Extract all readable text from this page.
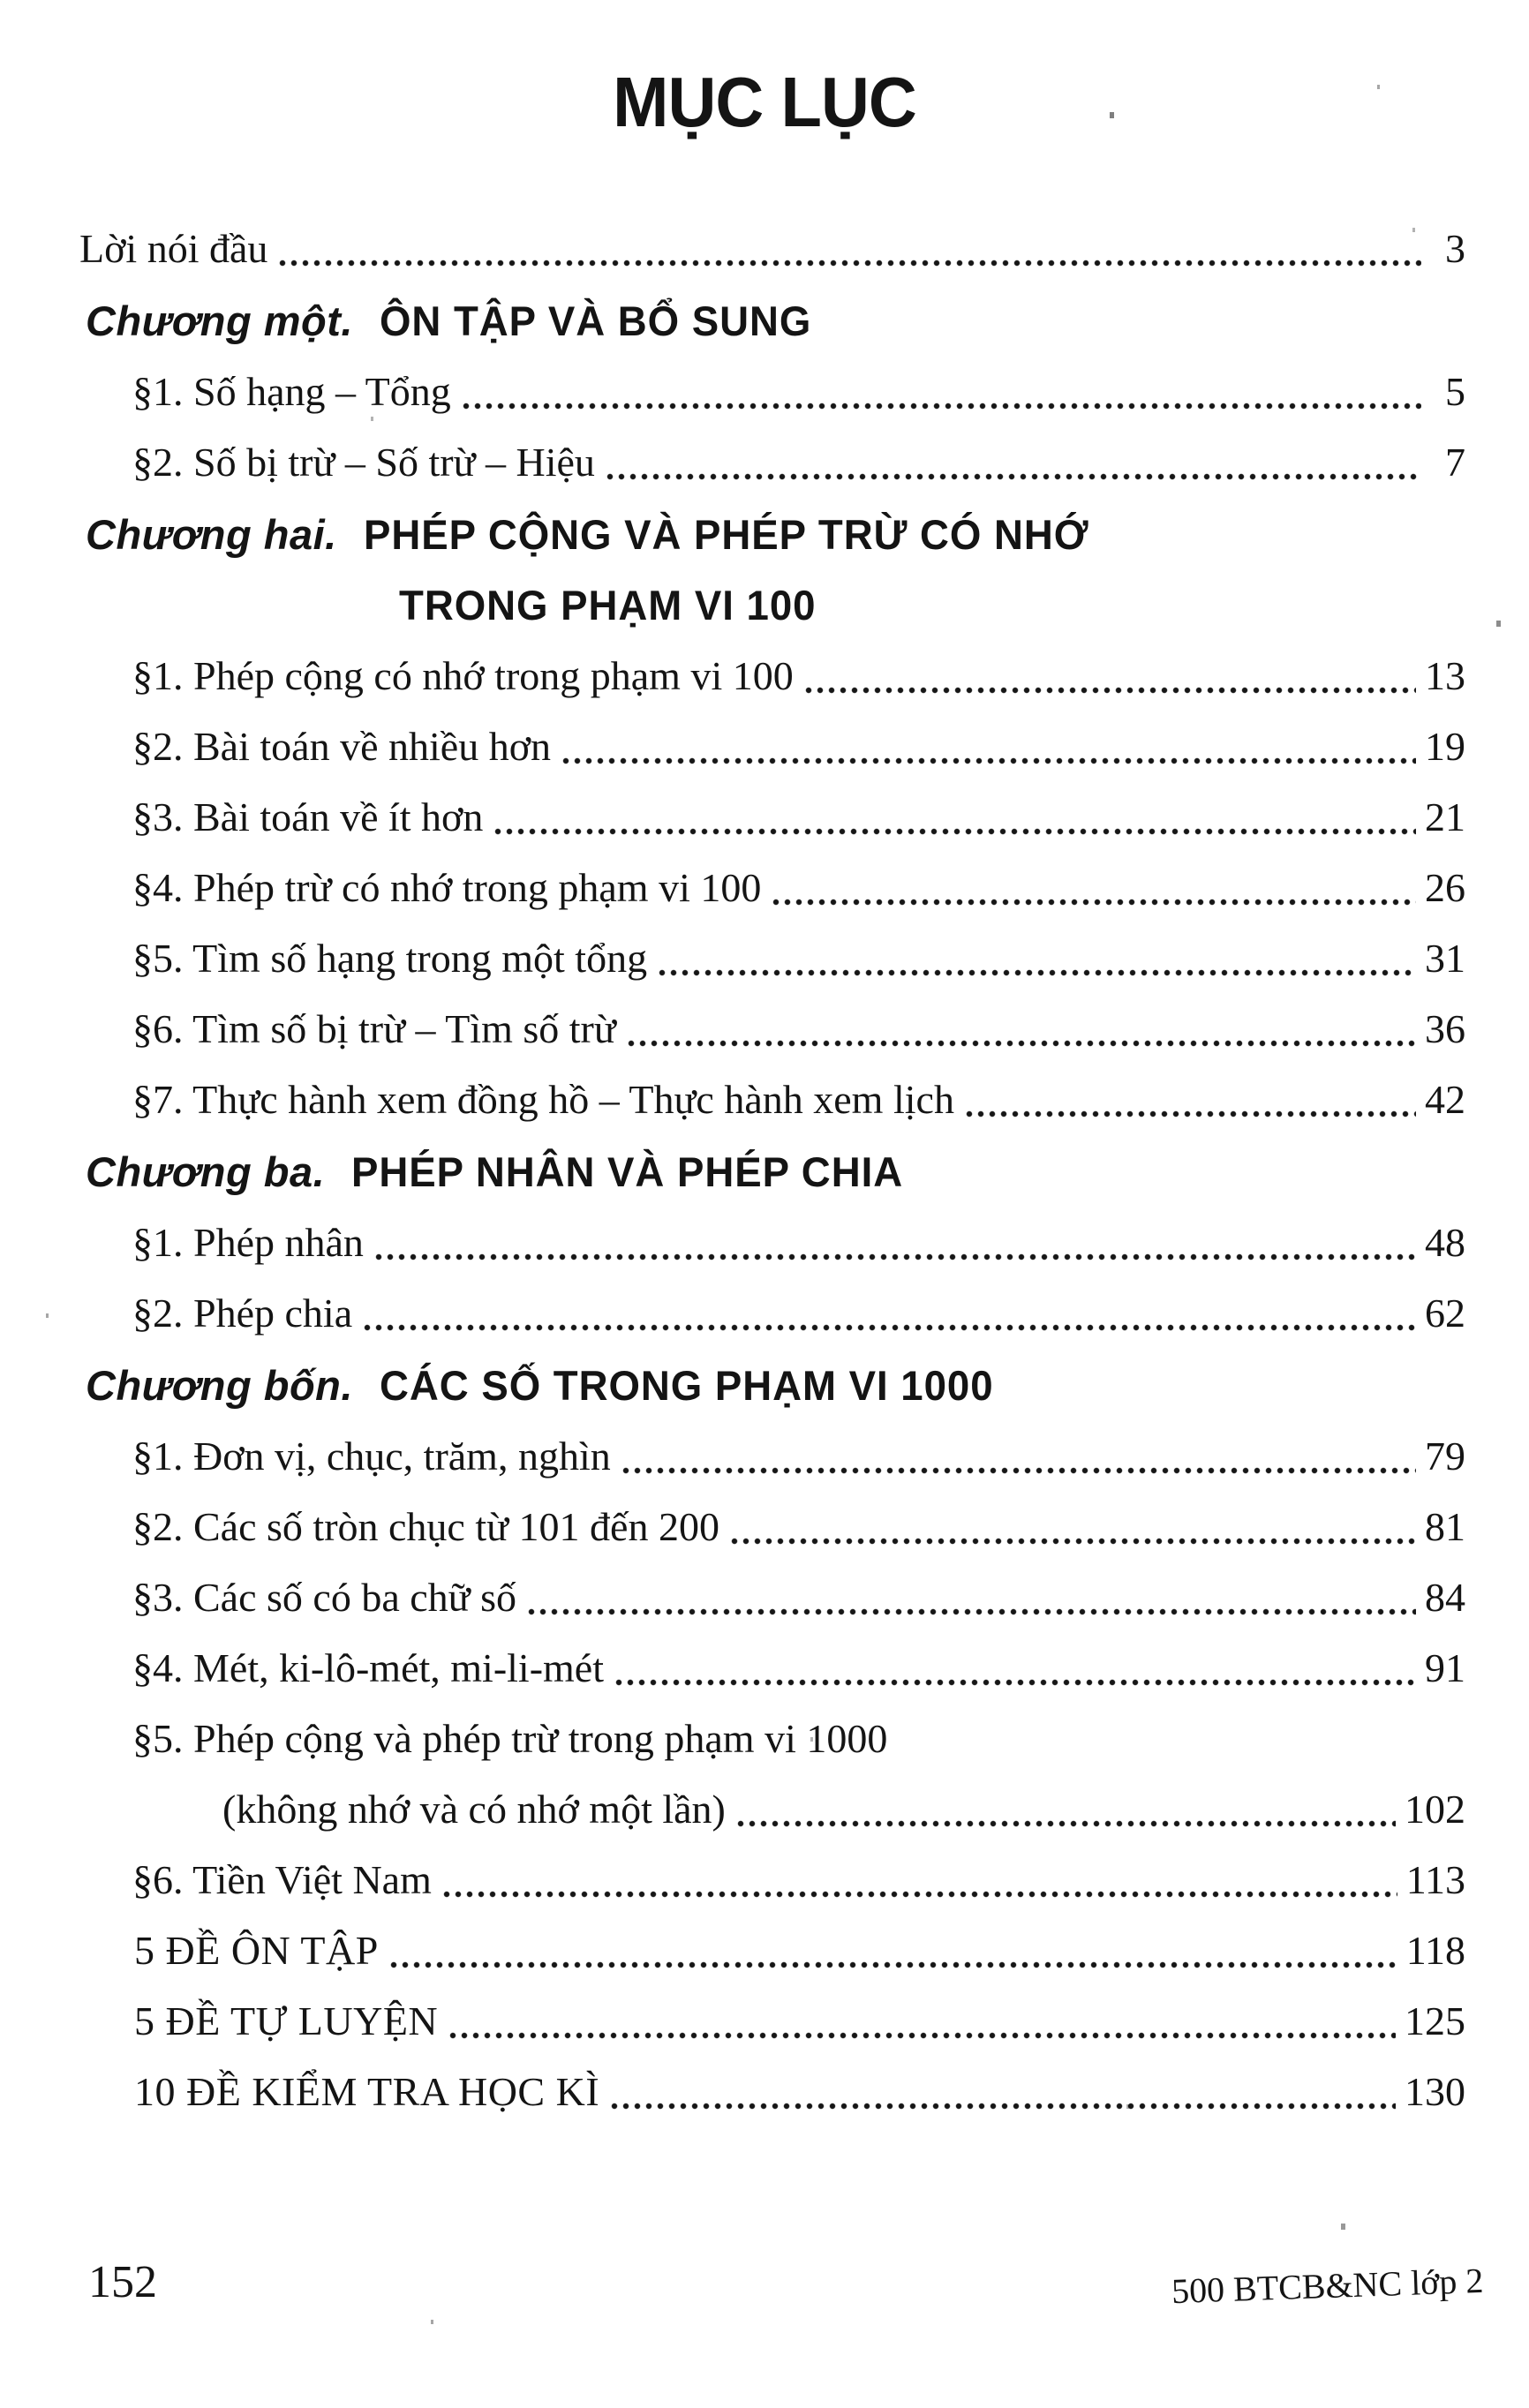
MỤC LỤC
Lời nói đầu	3
Chương một. ÔN TẬP VÀ BỔ SUNG
§1. Số hạng – Tổng	5
§2. Số bị trừ – Số trừ – Hiệu	7
Chương hai. PHÉP CỘNG VÀ PHÉP TRỪ CÓ NHỚ
TRONG PHẠM VI 100
§1. Phép cộng có nhớ trong phạm vi 100	13
§2. Bài toán về nhiều hơn	19
§3. Bài toán về ít hơn	21
§4. Phép trừ có nhớ trong phạm vi 100	26
§5. Tìm số hạng trong một tổng	31
§6. Tìm số bị trừ – Tìm số trừ	36
§7. Thực hành xem đồng hồ – Thực hành xem lịch	42
Chương ba. PHÉP NHÂN VÀ PHÉP CHIA
§1. Phép nhân	48
§2. Phép chia	62
Chương bốn. CÁC SỐ TRONG PHẠM VI 1000
§1. Đơn vị, chục, trăm, nghìn	79
§2. Các số tròn chục từ 101 đến 200	81
§3. Các số có ba chữ số	84
§4. Mét, ki-lô-mét, mi-li-mét	91
§5. Phép cộng và phép trừ trong phạm vi 1000
(không nhớ và có nhớ một lần)	102
§6. Tiền Việt Nam	113
5 ĐỀ ÔN TẬP	118
5 ĐỀ TỰ LUYỆN	125
10 ĐỀ KIỂM TRA HỌC KÌ	130
152	500 BTCB&NC lớp 2
